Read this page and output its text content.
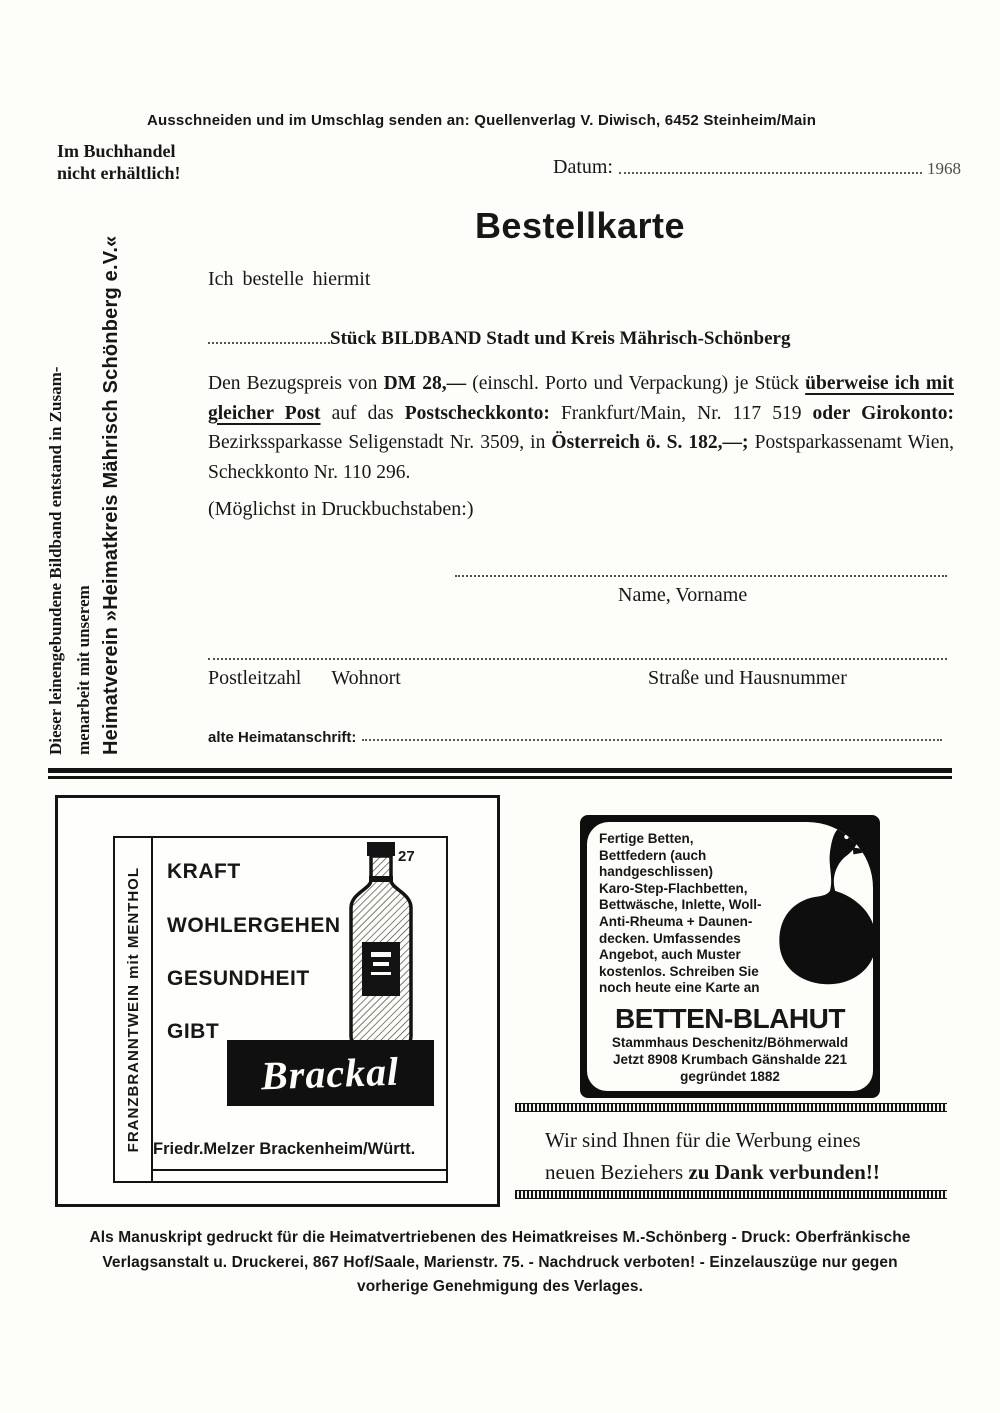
Ausschneiden und im Umschlag senden an: Quellenverlag V. Diwisch, 6452 Steinheim/Main
Im Buchhandel
nicht erhältlich!	Datum:	1968
Dieser leinengebundene Bildband entstand in Zusam- menarbeit mit unserem Heimatverein »Heimatkreis Mährisch Schönberg e.V.«
Bestellkarte
Ich bestelle hiermit
Stück BILDBAND Stadt und Kreis Mährisch-Schönberg
Den Bezugspreis von DM 28,— (einschl. Porto und Verpackung) je Stück überweise ich mit gleicher Post auf das Postscheckkonto: Frankfurt/Main, Nr. 117 519 oder Girokonto: Bezirkssparkasse Seligenstadt Nr. 3509, in Österreich ö. S. 182,—; Postsparkassenamt Wien, Scheckkonto Nr. 110 296.
(Möglichst in Druckbuchstaben:)
Name, Vorname
Postleitzahl Wohnort	Straße und Hausnummer
alte Heimatanschrift:
FRANZBRANNTWEIN mit MENTHOL KRAFT
WOHLERGEHEN
GESUNDHEIT
GIBT
27
Brackal
Friedr.Melzer Brackenheim/Württ.
Fertige Betten,
Bettfedern (auch
handgeschlissen)
Karo-Step-Flachbetten,
Bettwäsche, Inlette, Woll-
Anti-Rheuma + Daunen-
decken. Umfassendes
Angebot, auch Muster
kostenlos. Schreiben Sie
noch heute eine Karte an
BETTEN-BLAHUT
Stammhaus Deschenitz/Böhmerwald
Jetzt 8908 Krumbach Gänshalde 221
gegründet 1882
Wir sind Ihnen für die Werbung eines
neuen Beziehers zu Dank verbunden!!
Als Manuskript gedruckt für die Heimatvertriebenen des Heimatkreises M.-Schönberg - Druck: Oberfränkische
Verlagsanstalt u. Druckerei, 867 Hof/Saale, Marienstr. 75. - Nachdruck verboten! - Einzelauszüge nur gegen
vorherige Genehmigung des Verlages.
